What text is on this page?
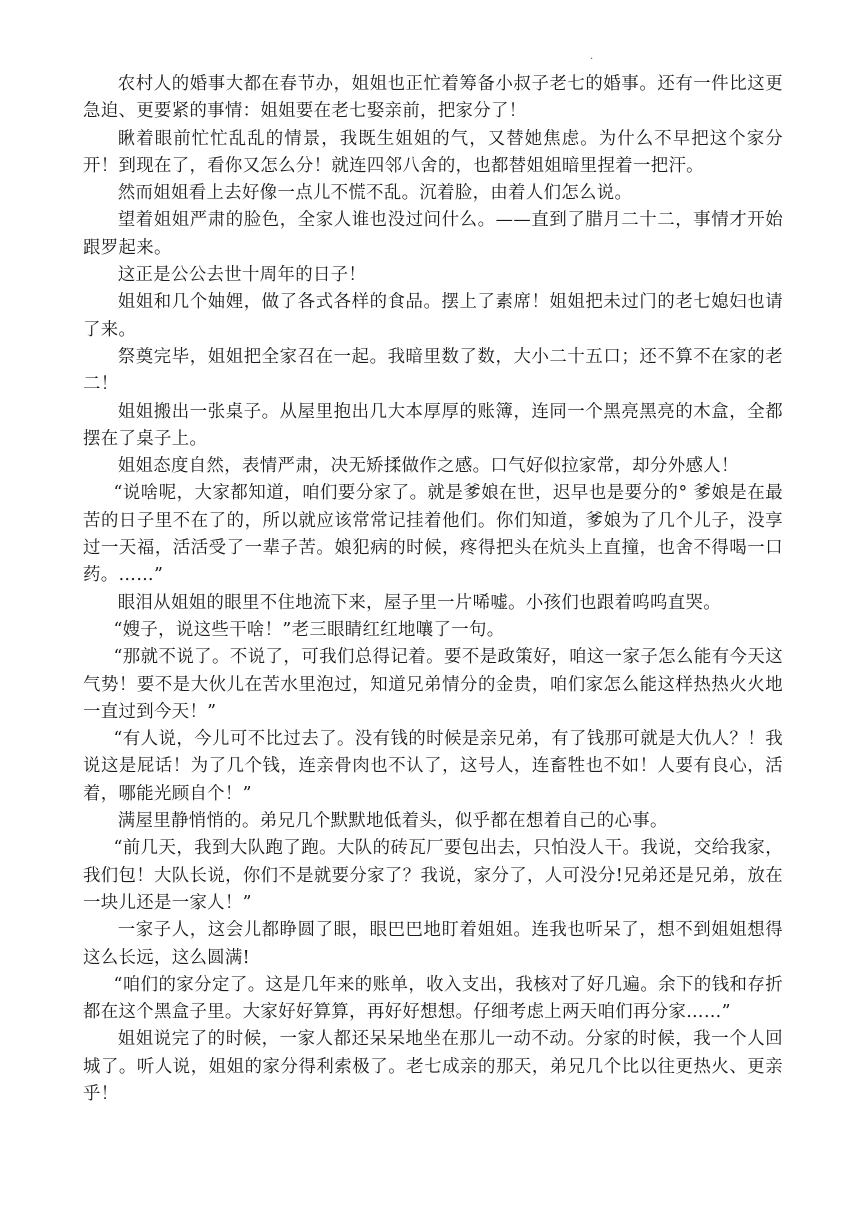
.

农村人的婚事大都在春节办，姐姐也正忙着筹备小叔子老七的婚事。还有一件比这更急迫、更要紧的事情：姐姐要在老七娶亲前，把家分了！

瞅着眼前忙忙乱乱的情景，我既生姐姐的气，又替她焦虑。为什么不早把这个家分开！到现在了，看你又怎么分！就连四邻八舍的，也都替姐姐暗里捏着一把汗。

然而姐姐看上去好像一点儿不慌不乱。沉着脸，由着人们怎么说。

望着姐姐严肃的脸色，全家人谁也没过问什么。——直到了腊月二十二，事情才开始跟罗起来。

这正是公公去世十周年的日子！

姐姐和几个妯娌，做了各式各样的食品。摆上了素席！姐姐把未过门的老七媳妇也请了来。

祭奠完毕，姐姐把全家召在一起。我暗里数了数，大小二十五口；还不算不在家的老二！

姐姐搬出一张桌子。从屋里抱出几大本厚厚的账簿，连同一个黑亮黑亮的木盒，全都摆在了桌子上。

姐姐态度自然，表情严肃，决无矫揉做作之感。口气好似拉家常，却分外感人！

“说啥呢，大家都知道，咱们要分家了。就是爹娘在世，迟早也是要分的° 爹娘是在最苦的日子里不在了的，所以就应该常常记挂着他们。你们知道，爹娘为了几个儿子，没享过一天福，活活受了一辈子苦。娘犯病的时候，疼得把头在炕头上直撞，也舍不得喝一口药。……”

眼泪从姐姐的眼里不住地流下来，屋子里一片唏嘘。小孩们也跟着呜呜直哭。

“嫂子，说这些干啥！”老三眼睛红红地嚷了一句。

“那就不说了。不说了，可我们总得记着。要不是政策好，咱这一家子怎么能有今天这气势！要不是大伙儿在苦水里泡过，知道兄弟情分的金贵，咱们家怎么能这样热热火火地一直过到今天！”

“有人说，今儿可不比过去了。没有钱的时候是亲兄弟，有了钱那可就是大仇人？！我说这是屁话！为了几个钱，连亲骨肉也不认了，这号人，连畜牲也不如！人要有良心，活着，哪能光顾自个！”

满屋里静悄悄的。弟兄几个默默地低着头，似乎都在想着自己的心事。

“前几天，我到大队跑了跑。大队的砖瓦厂要包出去，只怕没人干。我说，交给我家，我们包！大队长说，你们不是就要分家了？我说，家分了，人可没分!兄弟还是兄弟，放在一块儿还是一家人！”

一家子人，这会儿都睁圆了眼，眼巴巴地盯着姐姐。连我也听呆了，想不到姐姐想得这么长远，这么圆满!

“咱们的家分定了。这是几年来的账单，收入支出，我核对了好几遍。余下的钱和存折都在这个黑盒子里。大家好好算算，再好好想想。仔细考虑上两天咱们再分家……”

姐姐说完了的时候，一家人都还呆呆地坐在那儿一动不动。分家的时候，我一个人回城了。听人说，姐姐的家分得利索极了。老七成亲的那天，弟兄几个比以往更热火、更亲乎！
